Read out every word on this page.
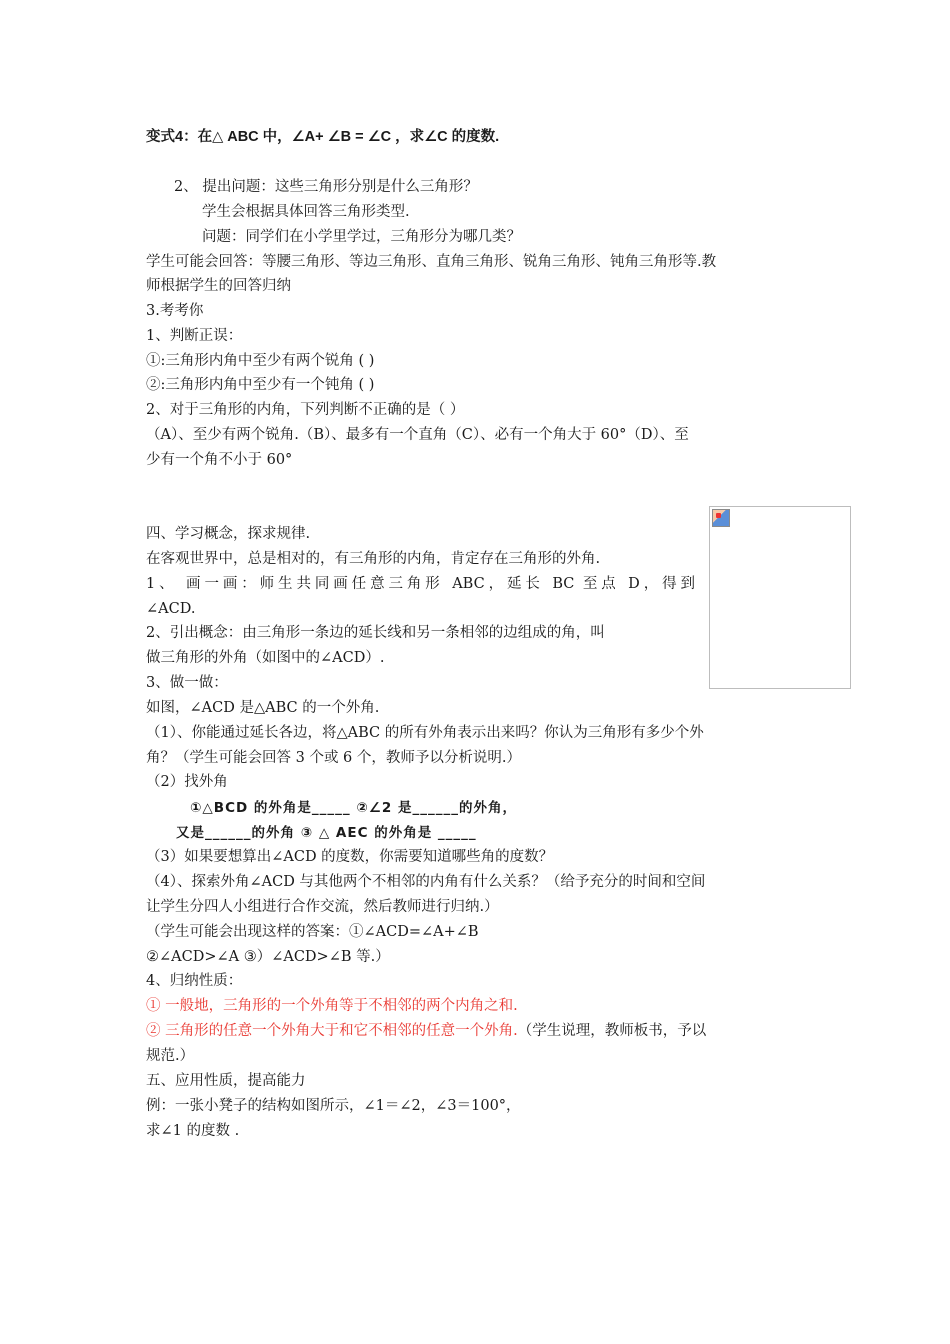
变式4：在△ ABC 中，∠A+ ∠B = ∠C ，求∠C 的度数.
2、 提出问题：这些三角形分别是什么三角形？
学生会根据具体回答三角形类型.
问题：同学们在小学里学过，三角形分为哪几类？
学生可能会回答：等腰三角形、等边三角形、直角三角形、锐角三角形、钝角三角形等.教
师根据学生的回答归纳
3.考考你
1、判断正误：
①:三角形内角中至少有两个锐角 ( )
②:三角形内角中至少有一个钝角 ( )
2、对于三角形的内角，下列判断不正确的是（ ）
（A）、至少有两个锐角.（B）、最多有一个直角（C）、必有一个角大于 60°（D）、至
少有一个角不小于 60°
四、学习概念，探求规律.
在客观世界中，总是相对的，有三角形的内角，肯定存在三角形的外角.
1、 画一画：师生共同画任意三角形 ABC，延长 BC 至点 D，得到
∠ACD.
2、引出概念：由三角形一条边的延长线和另一条相邻的边组成的角，叫
做三角形的外角（如图中的∠ACD）.
3、做一做：
如图，∠ACD 是△ABC 的一个外角.
（1）、你能通过延长各边，将△ABC 的所有外角表示出来吗？你认为三角形有多少个外
角？（学生可能会回答 3 个或 6 个，教师予以分析说明.）
（2）找外角
①△BCD 的外角是_____ ②∠2 是______的外角，
又是______的外角 ③ △ AEC 的外角是 _____
（3）如果要想算出∠ACD 的度数，你需要知道哪些角的度数？
（4）、探索外角∠ACD 与其他两个不相邻的内角有什么关系？（给予充分的时间和空间
让学生分四人小组进行合作交流，然后教师进行归纳.）
（学生可能会出现这样的答案：①∠ACD=∠A+∠B
②∠ACD>∠A ③）∠ACD>∠B 等.）
4、归纳性质：
① 一般地，三角形的一个外角等于不相邻的两个内角之和.
② 三角形的任意一个外角大于和它不相邻的任意一个外角.（学生说理，教师板书，予以
规范.）
五、应用性质，提高能力
例：一张小凳子的结构如图所示，∠1＝∠2，∠3＝100°，
求∠1 的度数 .
